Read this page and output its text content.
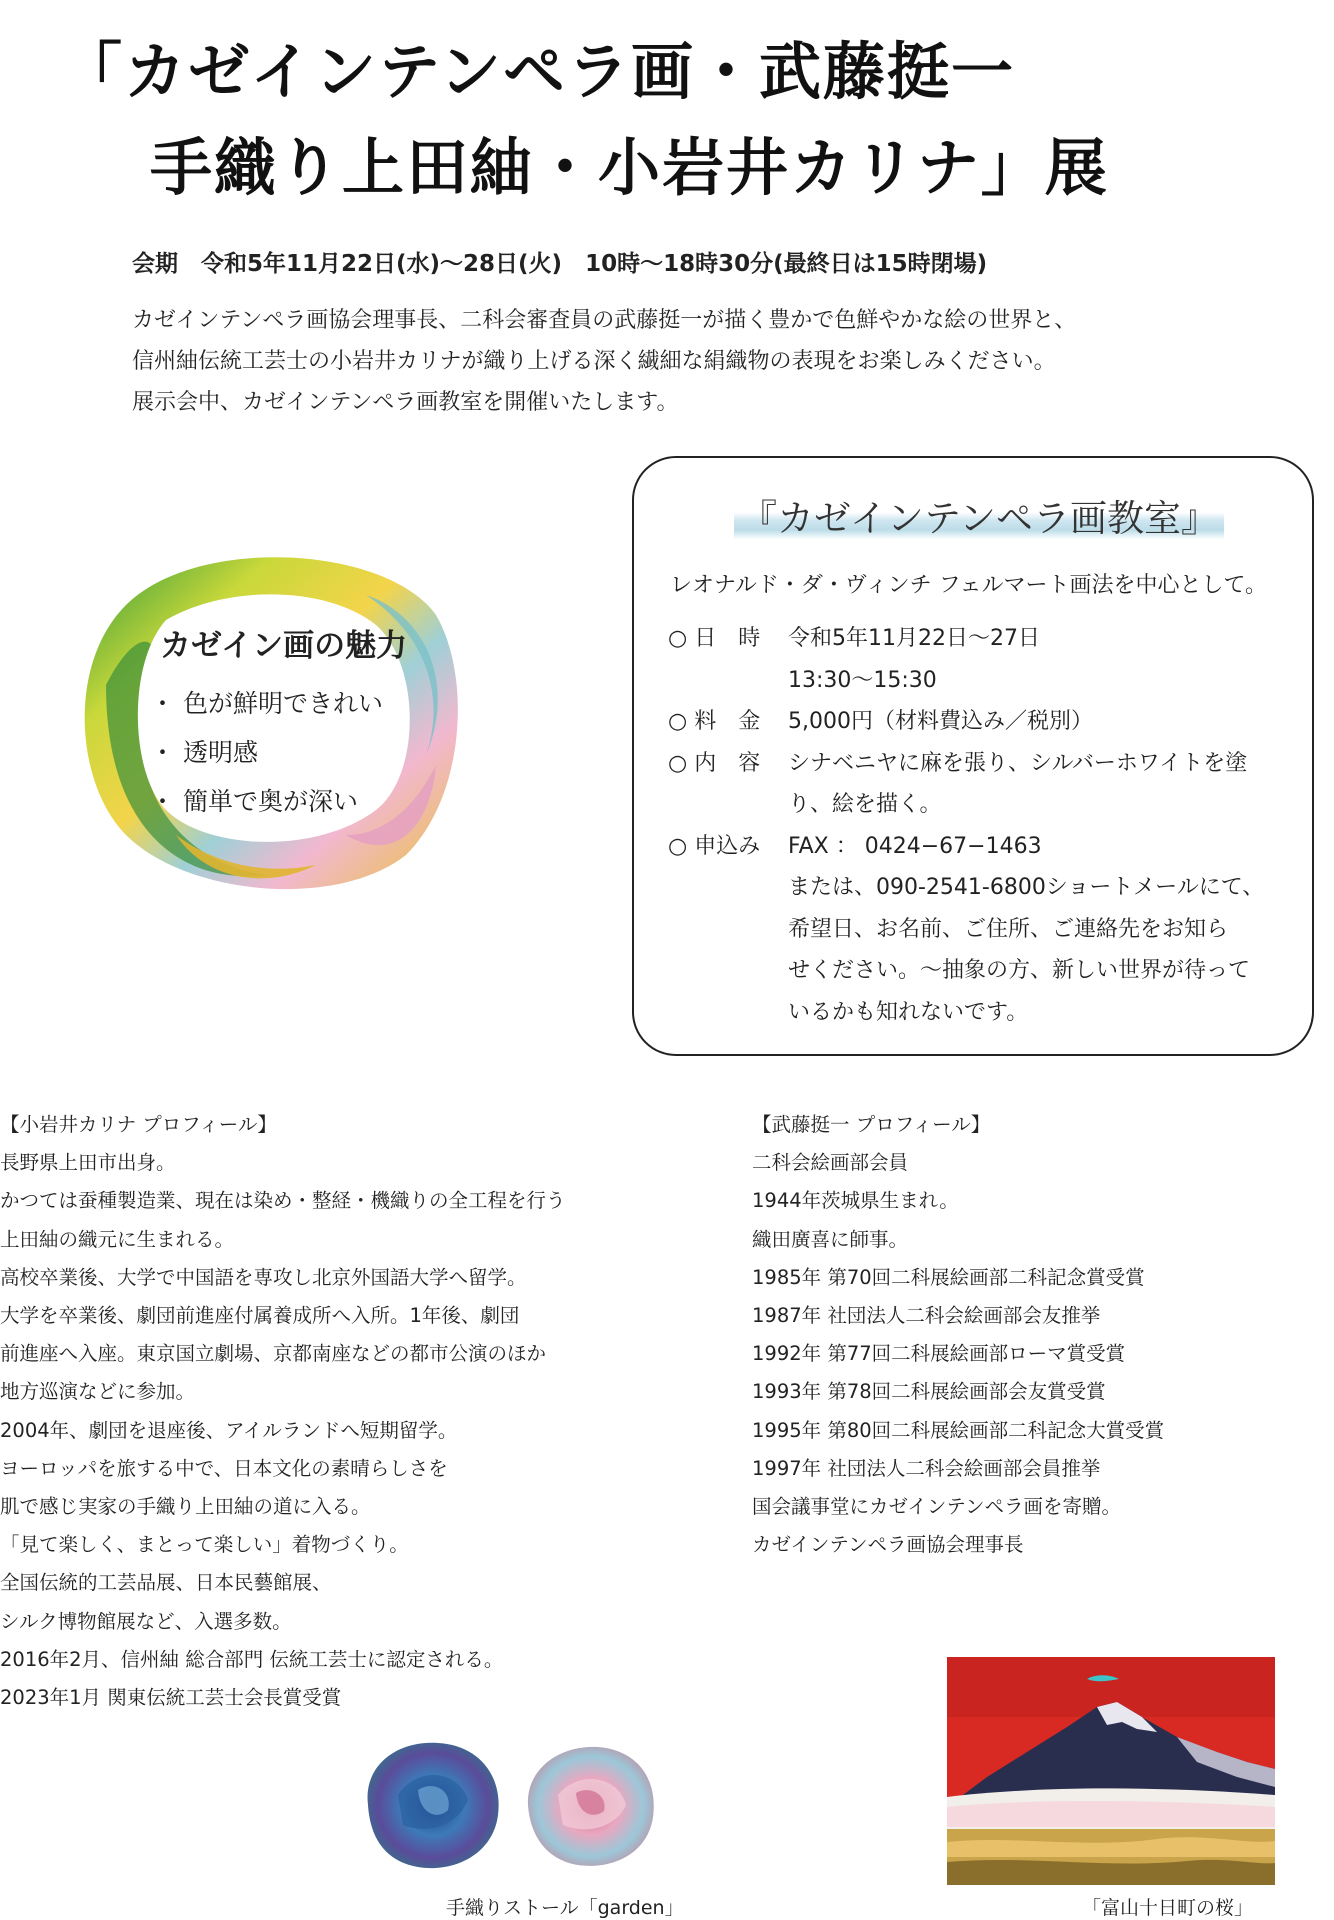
「カゼインテンペラ画・武藤挺一
手織り上田紬・小岩井カリナ」展
会期　令和5年11月22日(水)～28日(火)　10時～18時30分(最終日は15時閉場)
カゼインテンペラ画協会理事長、二科会審査員の武藤挺一が描く豊かで色鮮やかな絵の世界と、
信州紬伝統工芸士の小岩井カリナが織り上げる深く繊細な絹織物の表現をお楽しみください。
展示会中、カゼインテンペラ画教室を開催いたします。
カゼイン画の魅力
・ 色が鮮明できれい
・ 透明感
・ 簡単で奥が深い
『カゼインテンペラ画教室』
レオナルド・ダ・ヴィンチ フェルマート画法を中心として。
○ 日　時	令和5年11月22日～27日
13:30～15:30
○ 料　金	5,000円（材料費込み／税別）
○ 内　容	シナベニヤに麻を張り、シルバーホワイトを塗
り、絵を描く。
○ 申込み	FAX ： 0424−67−1463
または、090-2541-6800ショートメールにて、
希望日、お名前、ご住所、ご連絡先をお知ら
せください。～抽象の方、新しい世界が待って
いるかも知れないです。
【小岩井カリナ プロフィール】
長野県上田市出身。
かつては蚕種製造業、現在は染め・整経・機織りの全工程を行う
上田紬の織元に生まれる。
高校卒業後、大学で中国語を専攻し北京外国語大学へ留学。
大学を卒業後、劇団前進座付属養成所へ入所。1年後、劇団
前進座へ入座。東京国立劇場、京都南座などの都市公演のほか
地方巡演などに参加。
2004年、劇団を退座後、アイルランドへ短期留学。
ヨーロッパを旅する中で、日本文化の素晴らしさを
肌で感じ実家の手織り上田紬の道に入る。
「見て楽しく、まとって楽しい」着物づくり。
全国伝統的工芸品展、日本民藝館展、
シルク博物館展など、入選多数。
2016年2月、信州紬 総合部門 伝統工芸士に認定される。
2023年1月 関東伝統工芸士会長賞受賞
【武藤挺一 プロフィール】
二科会絵画部会員
1944年茨城県生まれ。
織田廣喜に師事。
1985年 第70回二科展絵画部二科記念賞受賞
1987年 社団法人二科会絵画部会友推挙
1992年 第77回二科展絵画部ローマ賞受賞
1993年 第78回二科展絵画部会友賞受賞
1995年 第80回二科展絵画部二科記念大賞受賞
1997年 社団法人二科会絵画部会員推挙
国会議事堂にカゼインテンペラ画を寄贈。
カゼインテンペラ画協会理事長
手織りストール「garden」	「富山十日町の桜」
